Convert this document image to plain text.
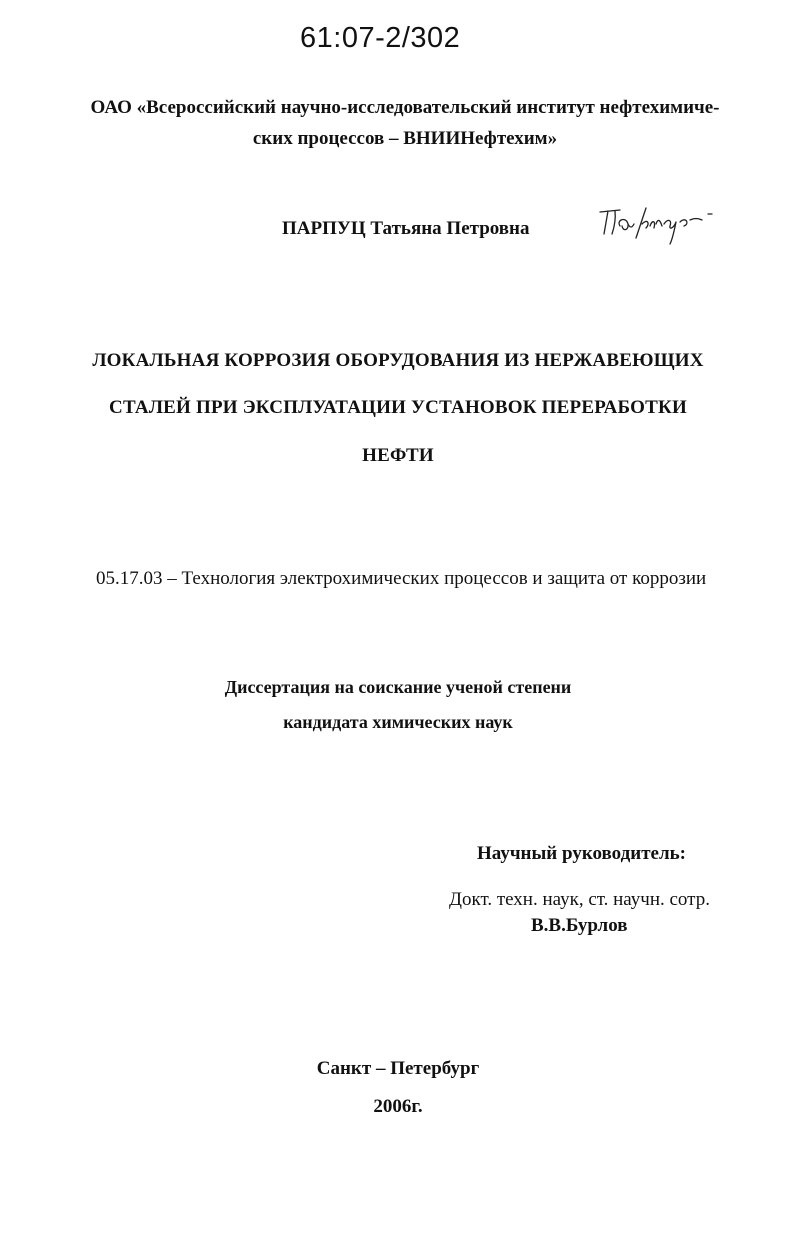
61:07-2/302
ОАО «Всероссийский научно-исследовательский институт нефтехимиче-
ских процессов – ВНИИНефтехим»
ПАРПУЦ Татьяна Петровна
ЛОКАЛЬНАЯ КОРРОЗИЯ ОБОРУДОВАНИЯ ИЗ НЕРЖАВЕЮЩИХ
СТАЛЕЙ ПРИ ЭКСПЛУАТАЦИИ УСТАНОВОК ПЕРЕРАБОТКИ
НЕФТИ
05.17.03 – Технология электрохимических процессов и защита от коррозии
Диссертация на соискание ученой степени
кандидата химических наук
Научный руководитель:
Докт. техн. наук, ст. научн. сотр.
В.В.Бурлов
Санкт – Петербург
2006г.
